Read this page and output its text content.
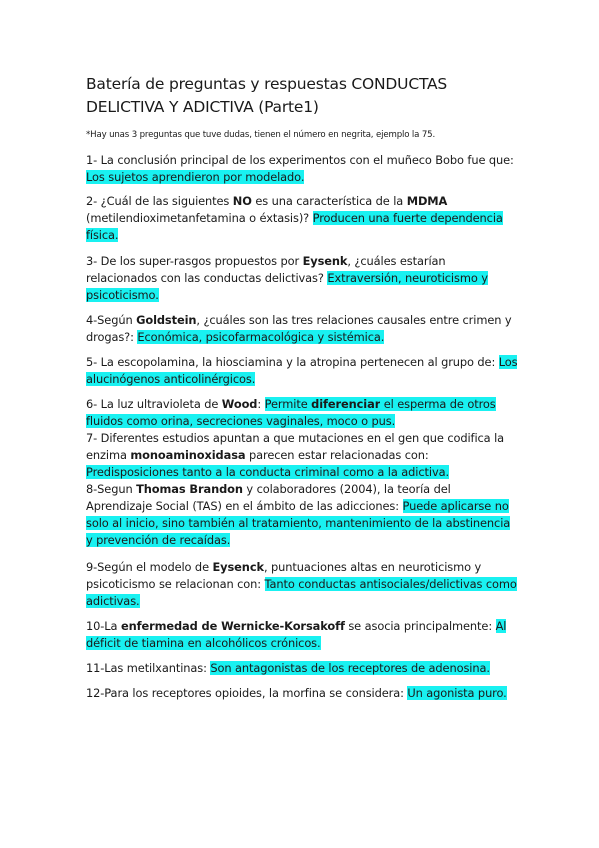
Batería de preguntas y respuestas CONDUCTAS DELICTIVA Y ADICTIVA (Parte1)
*Hay unas 3 preguntas que tuve dudas, tienen el número en negrita, ejemplo la 75.
1- La conclusión principal de los experimentos con el muñeco Bobo fue que: Los sujetos aprendieron por modelado.
2- ¿Cuál de las siguientes NO es una característica de la MDMA (metilendioximetanfetamina o éxtasis)? Producen una fuerte dependencia física.
3- De los super-rasgos propuestos por Eysenk, ¿cuáles estarían relacionados con las conductas delictivas? Extraversión, neuroticismo y psicoticismo.
4-Según Goldstein, ¿cuáles son las tres relaciones causales entre crimen y drogas?: Económica, psicofarmacológica y sistémica.
5- La escopolamina, la hiosciamina y la atropina pertenecen al grupo de: Los alucinógenos anticolinérgicos.
6- La luz ultravioleta de Wood: Permite diferenciar el esperma de otros fluidos como orina, secreciones vaginales, moco o pus.
7- Diferentes estudios apuntan a que mutaciones en el gen que codifica la enzima monoaminoxidasa parecen estar relacionadas con: Predisposiciones tanto a la conducta criminal como a la adictiva.
8-Segun Thomas Brandon y colaboradores (2004), la teoría del Aprendizaje Social (TAS) en el ámbito de las adicciones: Puede aplicarse no solo al inicio, sino también al tratamiento, mantenimiento de la abstinencia y prevención de recaídas.
9-Según el modelo de Eysenck, puntuaciones altas en neuroticismo y psicoticismo se relacionan con: Tanto conductas antisociales/delictivas como adictivas.
10-La enfermedad de Wernicke-Korsakoff se asocia principalmente: Al déficit de tiamina en alcohólicos crónicos.
11-Las metilxantinas: Son antagonistas de los receptores de adenosina.
12-Para los receptores opioides, la morfina se considera: Un agonista puro.
